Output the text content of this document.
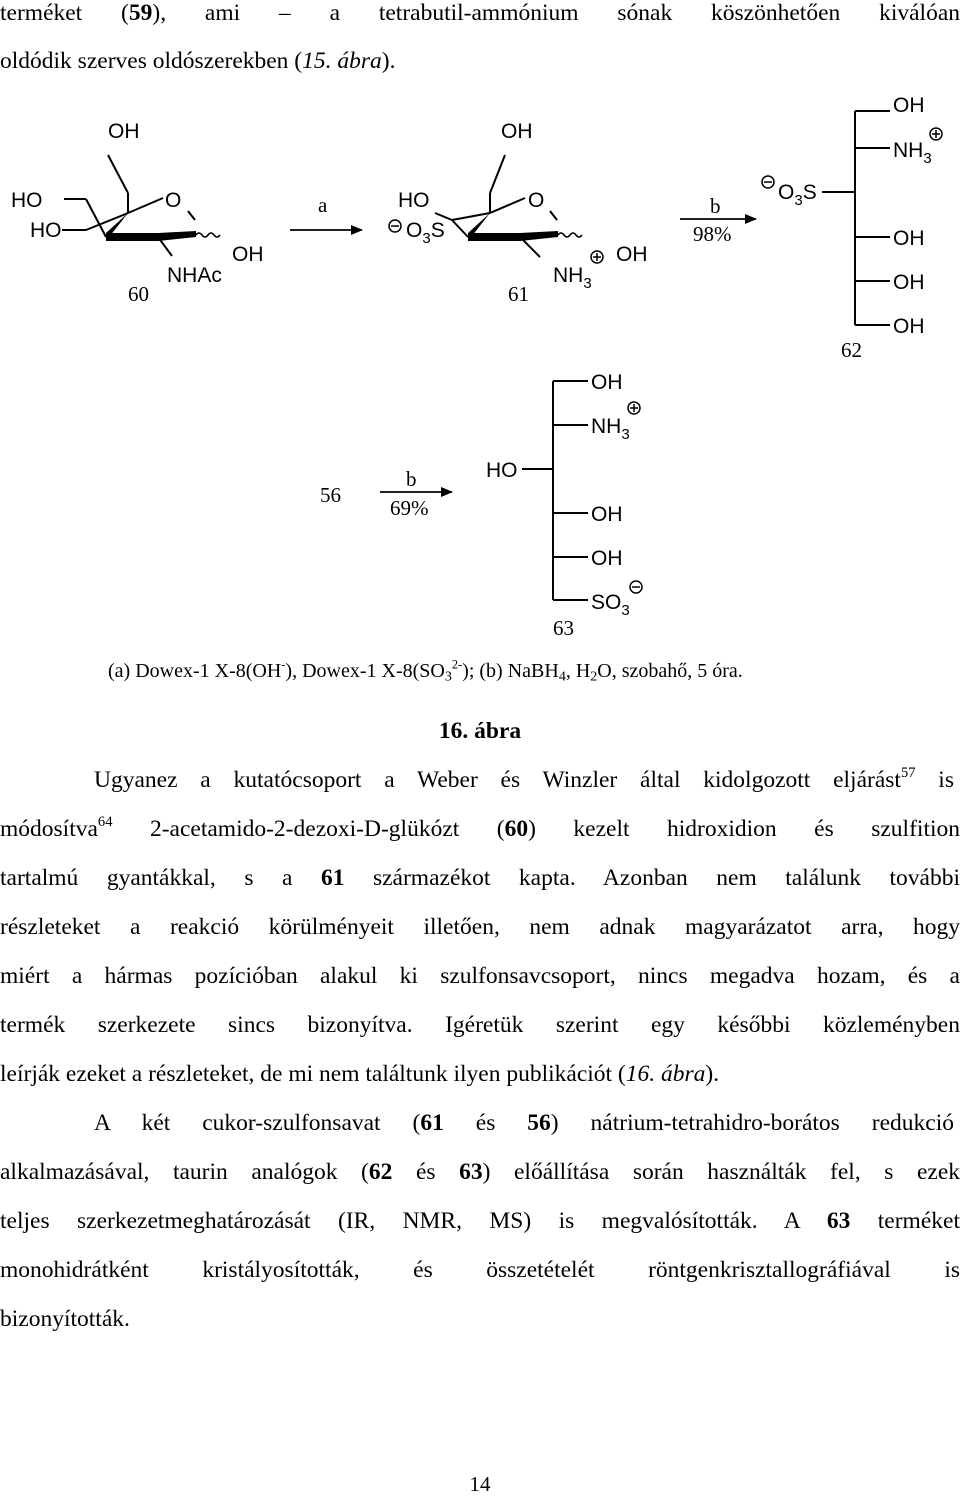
terméket (59), ami – a tetrabutil-ammónium sónak köszönhetően kiválóan
oldódik szerves oldószerekben (15. ábra).
OH
O
HO
HO
OH
NHAc
60
a
OH
O
HO
$O_3S$
OH
$NH_3$
61
b
98%
$O_3S$
OH
$NH_3$
OH
OH
OH
62
56
b
69%
OH
$NH_3$
HO
OH
OH
$SO_3$
63
(a) Dowex-1 X-8(OH-), Dowex-1 $X-8(SO_3^{2-})$; (b) NaBH$_4$, $H_2O$, szobahő, 5 óra.
16. ábra
Ugyanez a kutatócsoport a Weber és Winzler által kidolgozott eljárást$^{57}$ is
módosítva$^{64}$ 2-acetamido-2-dezoxi-D-glükózt (60) kezelt hidroxidion és szulfition
tartalmú gyantákkal, s a 61 származékot kapta. Azonban nem találunk további
részleteket a reakció körülményeit illetően, nem adnak magyarázatot arra, hogy
miért a hármas pozícióban alakul ki szulfonsavcsoport, nincs megadva hozam, és a
termék szerkezete sincs bizonyítva. Igéretük szerint egy későbbi közleményben
leírják ezeket a részleteket, de mi nem találtunk ilyen publikációt (16. ábra).
A két cukor-szulfonsavat (61 és 56) nátrium-tetrahidro-borátos redukció
alkalmazásával, taurin analógok (62 és 63) előállítása során használták fel, s ezek
teljes szerkezetmeghatározását (IR, NMR, MS) is megvalósították. A 63 terméket
monohidrátként kristályosították, és összetételét röntgenkrisztallográfiával is
bizonyították.
14
